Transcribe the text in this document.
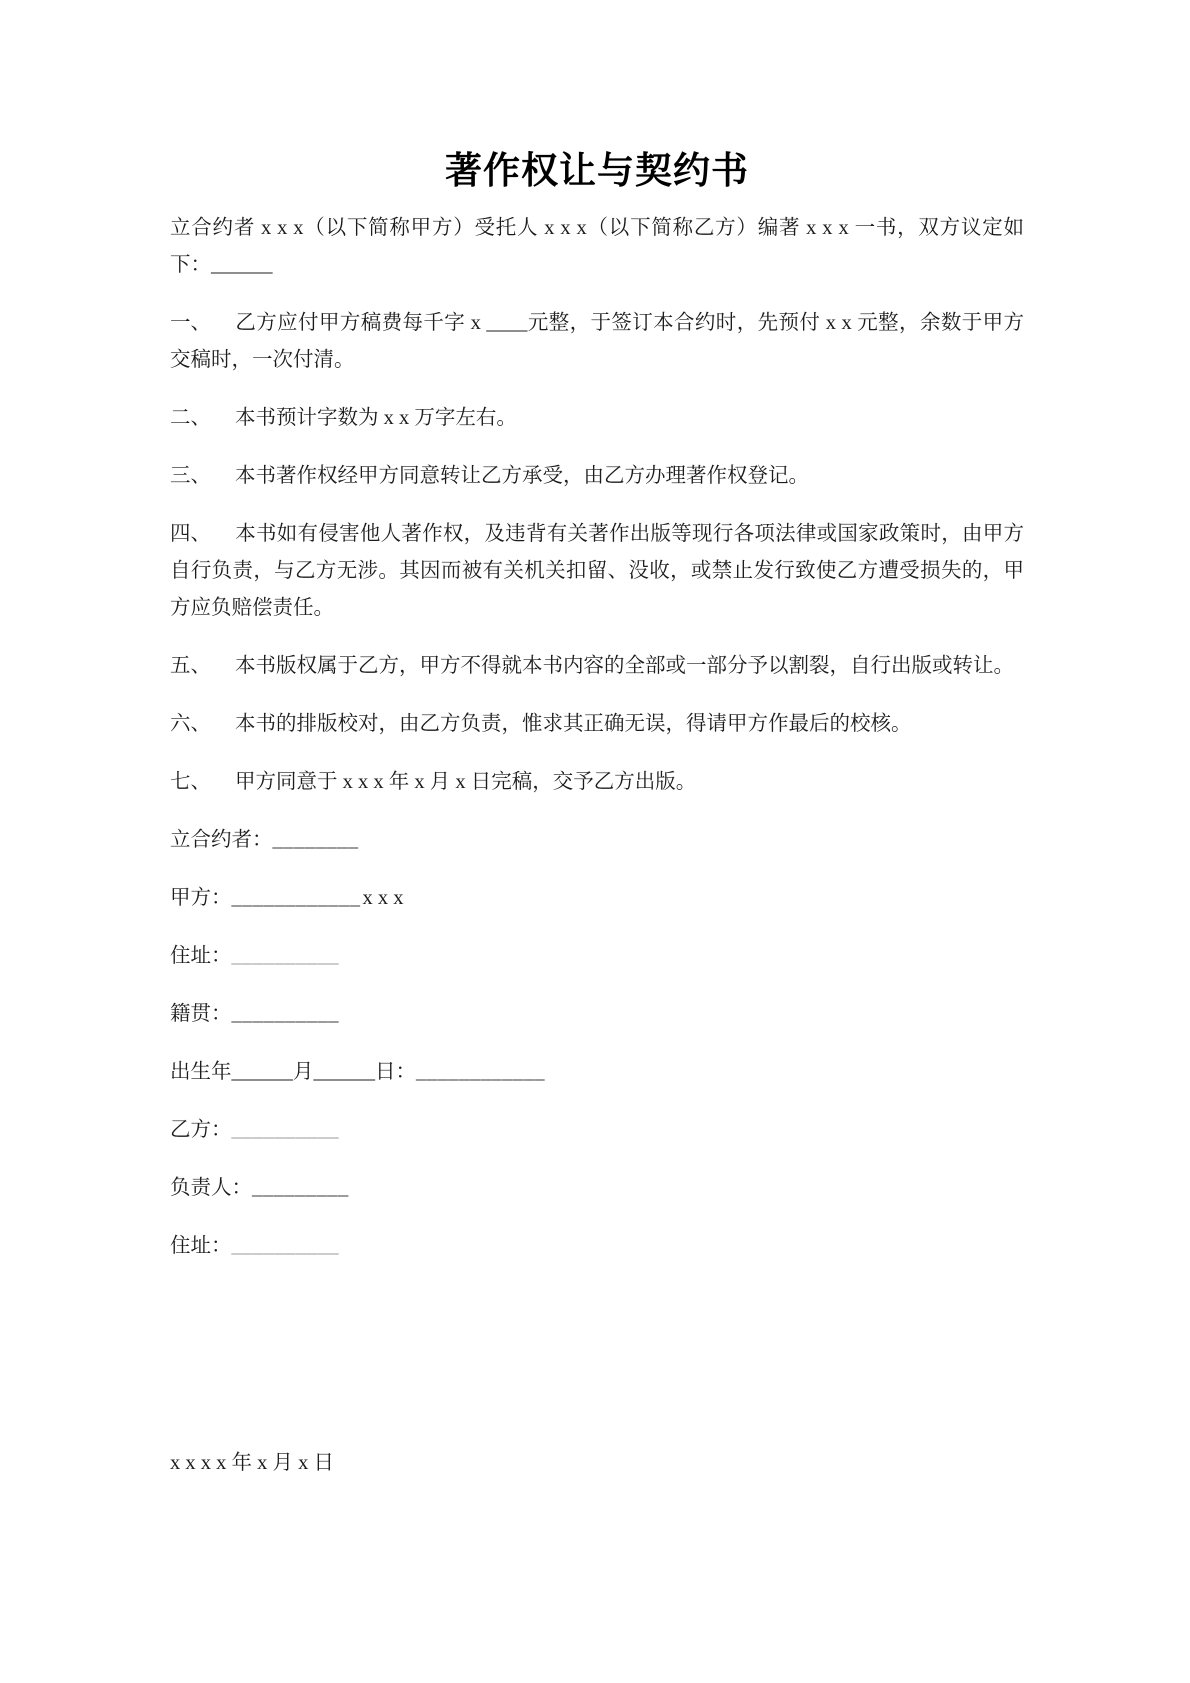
著作权让与契约书

立合约者 x x x（以下简称甲方）受托人 x x x（以下简称乙方）编著 x x x 一书，双方议定如下：______

一、 乙方应付甲方稿费每千字 x ____元整，于签订本合约时，先预付 x x 元整，余数于甲方交稿时，一次付清。

二、 本书预计字数为 x x 万字左右。

三、 本书著作权经甲方同意转让乙方承受，由乙方办理著作权登记。

四、 本书如有侵害他人著作权，及违背有关著作出版等现行各项法律或国家政策时，由甲方自行负责，与乙方无涉。其因而被有关机关扣留、没收，或禁止发行致使乙方遭受损失的，甲方应负赔偿责任。

五、 本书版权属于乙方，甲方不得就本书内容的全部或一部分予以割裂，自行出版或转让。

六、 本书的排版校对，由乙方负责，惟求其正确无误，得请甲方作最后的校核。

七、 甲方同意于 x x x 年 x 月 x 日完稿，交予乙方出版。

立合约者：________

甲方：____________x x x

住址：__________

籍贯：__________

出生年______月______日：____________

乙方：__________

负责人：_________

住址：__________

x x x x 年 x 月 x 日
